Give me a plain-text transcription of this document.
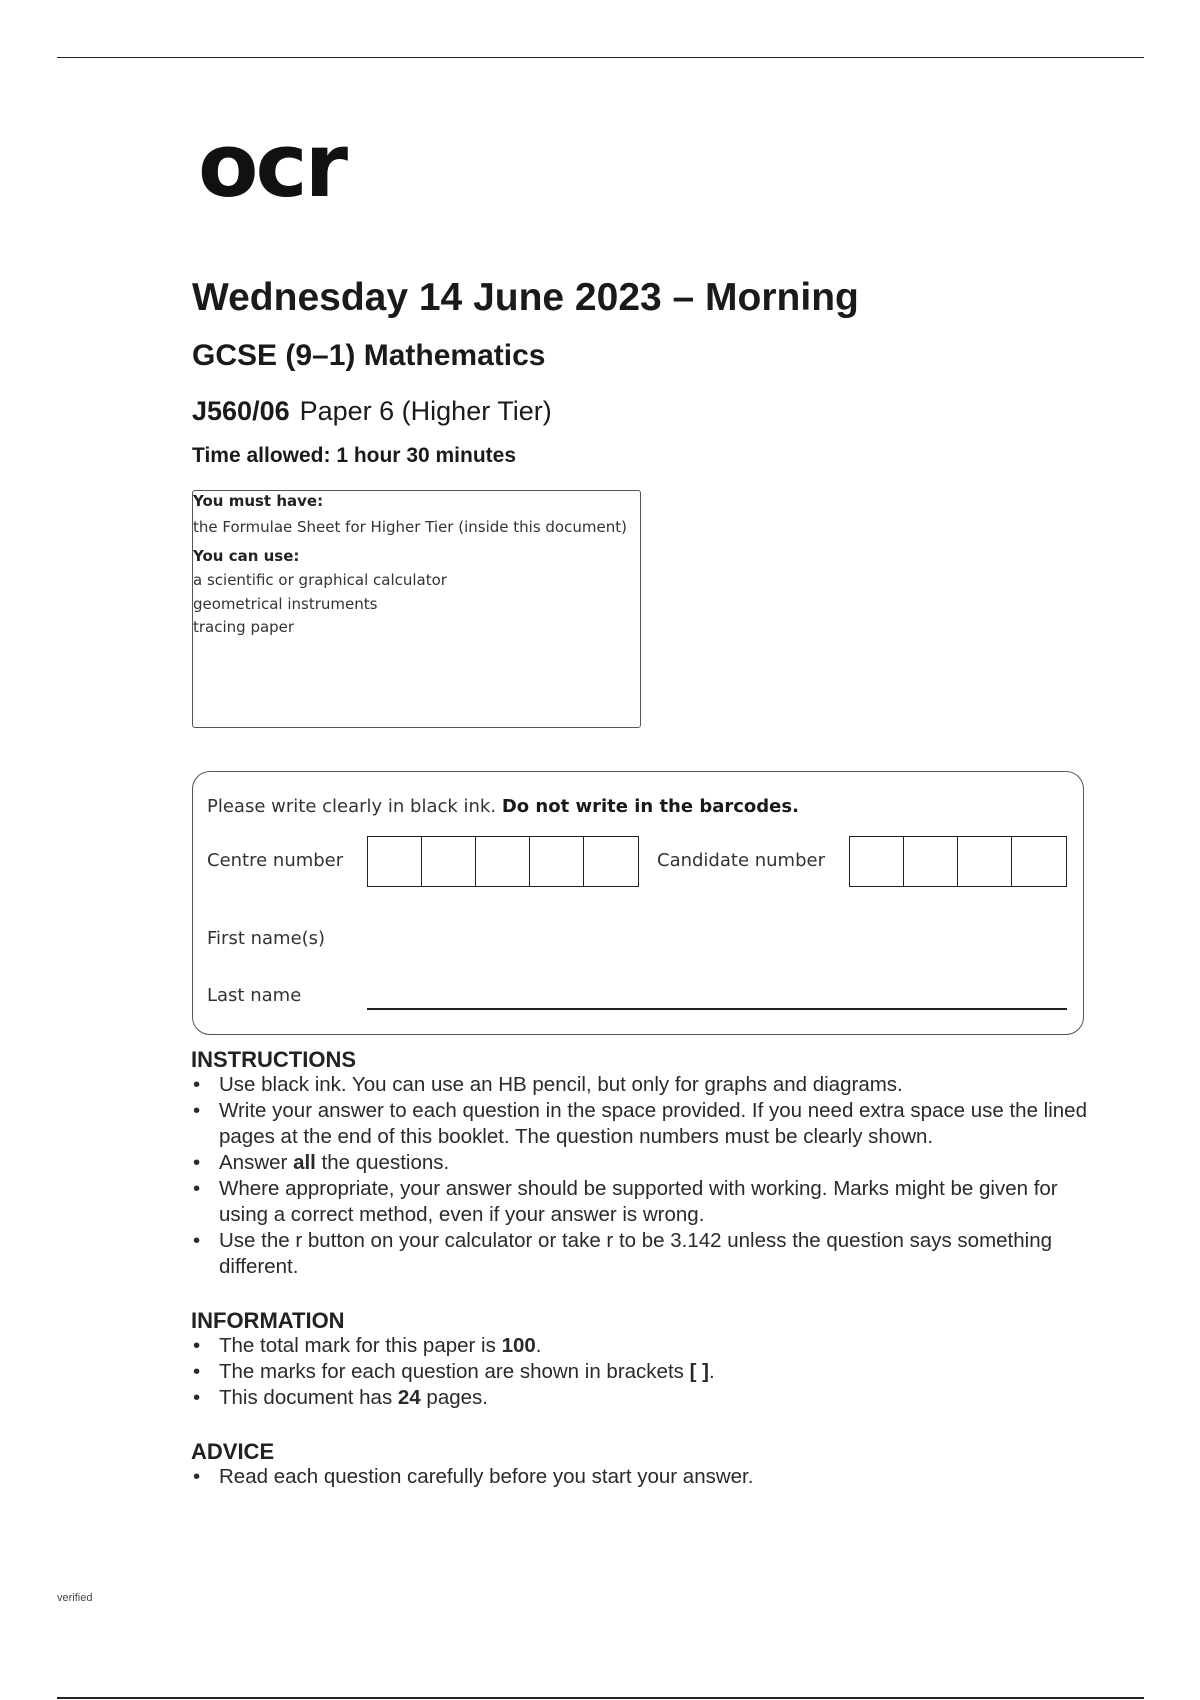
ocr
Wednesday 14 June 2023 – Morning
GCSE (9–1) Mathematics
J560/06 Paper 6 (Higher Tier)
Time allowed: 1 hour 30 minutes
You must have:
the Formulae Sheet for Higher Tier (inside this document)
You can use:
a scientific or graphical calculator
geometrical instruments
tracing paper
Please write clearly in black ink. Do not write in the barcodes.
Centre number	Candidate number
First name(s)
Last name
INSTRUCTIONS
• Use black ink. You can use an HB pencil, but only for graphs and diagrams.
• Write your answer to each question in the space provided. If you need extra space use the lined pages at the end of this booklet. The question numbers must be clearly shown.
• Answer all the questions.
• Where appropriate, your answer should be supported with working. Marks might be given for using a correct method, even if your answer is wrong.
• Use the r button on your calculator or take r to be 3.142 unless the question says something different.
INFORMATION
• The total mark for this paper is 100.
• The marks for each question are shown in brackets [ ].
• This document has 24 pages.
ADVICE
• Read each question carefully before you start your answer.
verified
